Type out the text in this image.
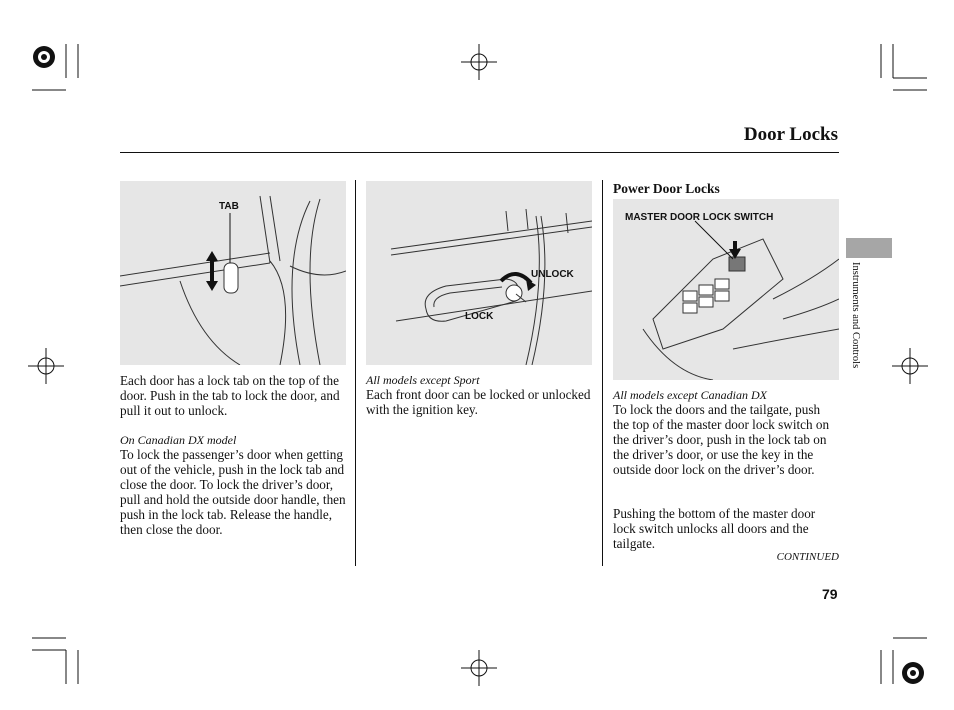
Door Locks
TAB
Each door has a lock tab on the top of the door. Push in the tab to lock the door, and pull it out to unlock.
On Canadian DX model
To lock the passenger’s door when getting out of the vehicle, push in the lock tab and close the door. To lock the driver’s door, pull and hold the outside door handle, then push in the lock tab. Release the handle, then close the door.
UNLOCK
LOCK
All models except Sport
Each front door can be locked or unlocked with the ignition key.
Power Door Locks
MASTER DOOR LOCK SWITCH
All models except Canadian DX
To lock the doors and the tailgate, push the top of the master door lock switch on the driver’s door, push in the lock tab on the driver’s door, or use the key in the outside door lock on the driver’s door.
Pushing the bottom of the master door lock switch unlocks all doors and the tailgate.
CONTINUED
Instruments and Controls
79
